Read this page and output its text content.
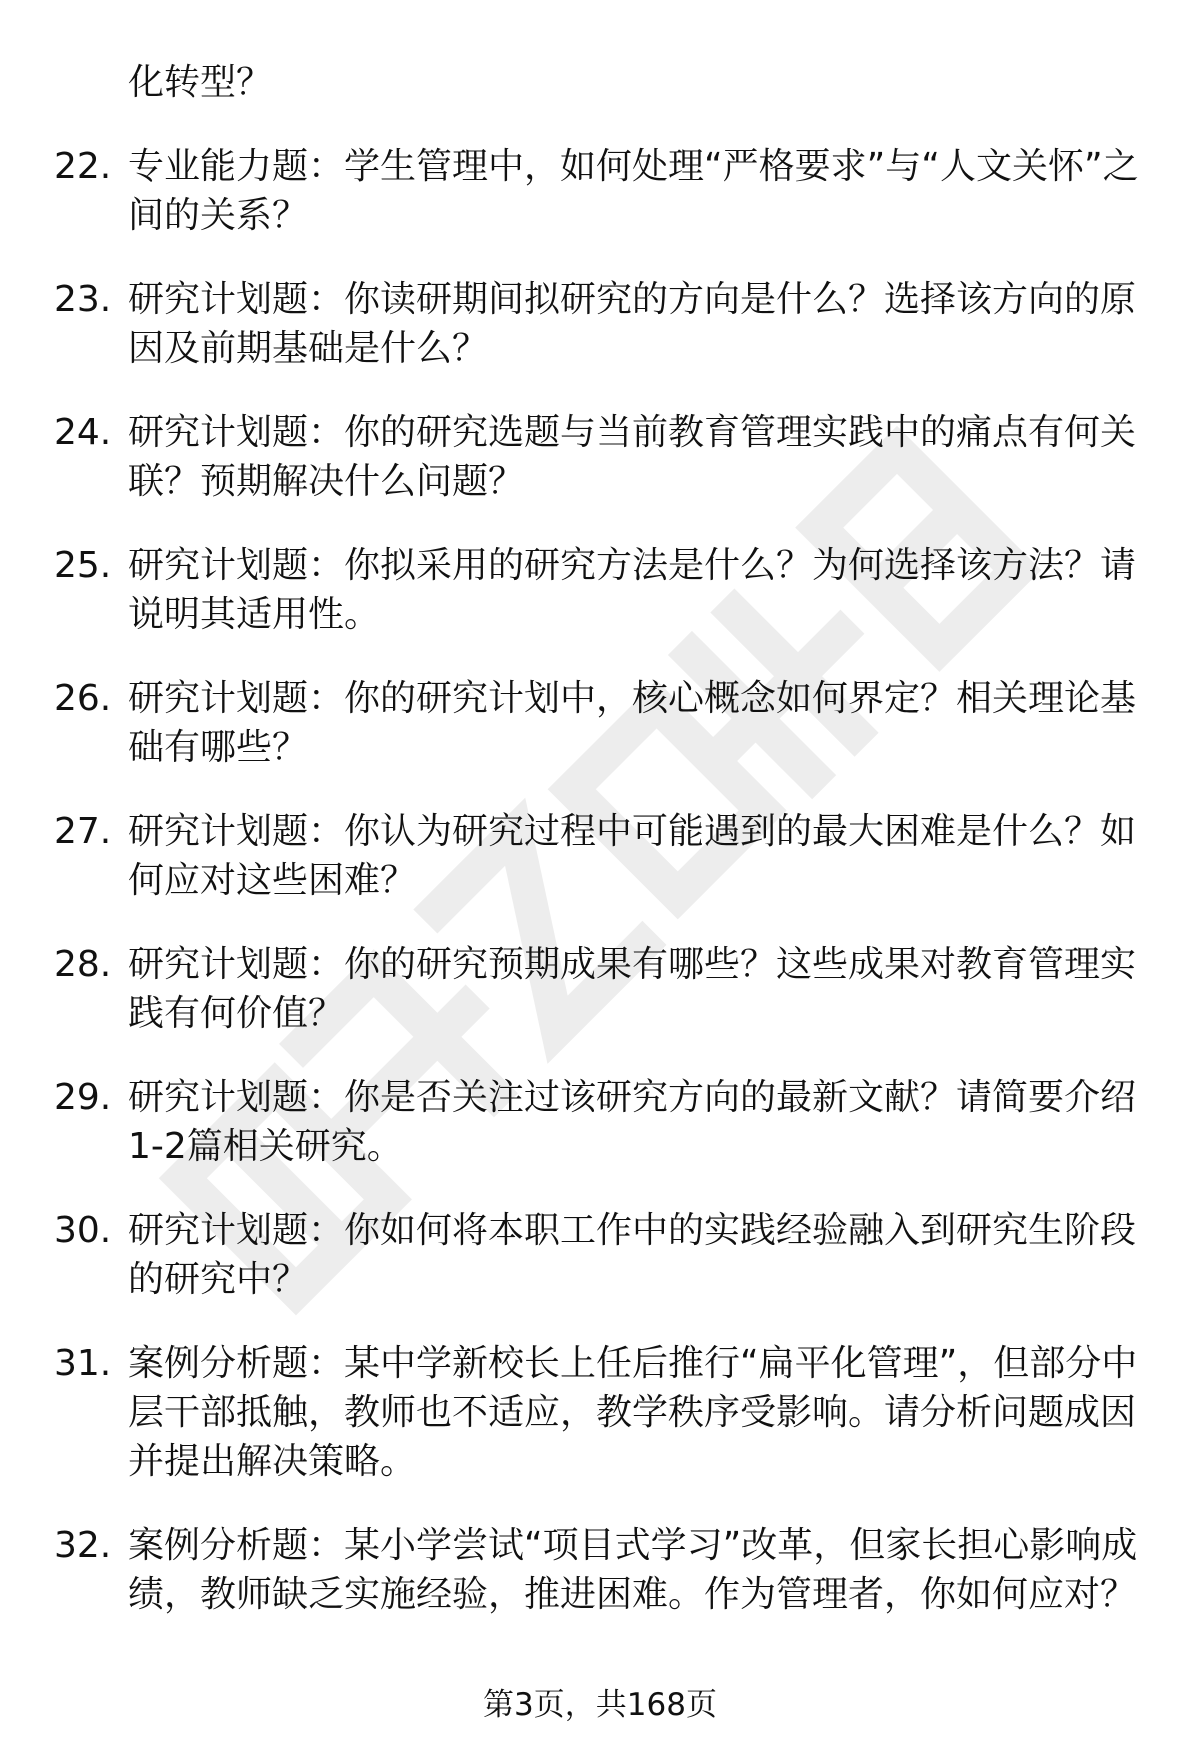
化转型？

22. 专业能力题：学生管理中，如何处理“严格要求”与“人文关怀”之间的关系？
23. 研究计划题：你读研期间拟研究的方向是什么？选择该方向的原因及前期基础是什么？
24. 研究计划题：你的研究选题与当前教育管理实践中的痛点有何关联？预期解决什么问题？
25. 研究计划题：你拟采用的研究方法是什么？为何选择该方法？请说明其适用性。
26. 研究计划题：你的研究计划中，核心概念如何界定？相关理论基础有哪些？
27. 研究计划题：你认为研究过程中可能遇到的最大困难是什么？如何应对这些困难？
28. 研究计划题：你的研究预期成果有哪些？这些成果对教育管理实践有何价值？
29. 研究计划题：你是否关注过该研究方向的最新文献？请简要介绍1-2篇相关研究。
30. 研究计划题：你如何将本职工作中的实践经验融入到研究生阶段的研究中？
31. 案例分析题：某中学新校长上任后推行“扁平化管理”，但部分中层干部抵触，教师也不适应，教学秩序受影响。请分析问题成因并提出解决策略。
32. 案例分析题：某小学尝试“项目式学习”改革，但家长担心影响成绩，教师缺乏实施经验，推进困难。作为管理者，你如何应对？
第3页，共168页
